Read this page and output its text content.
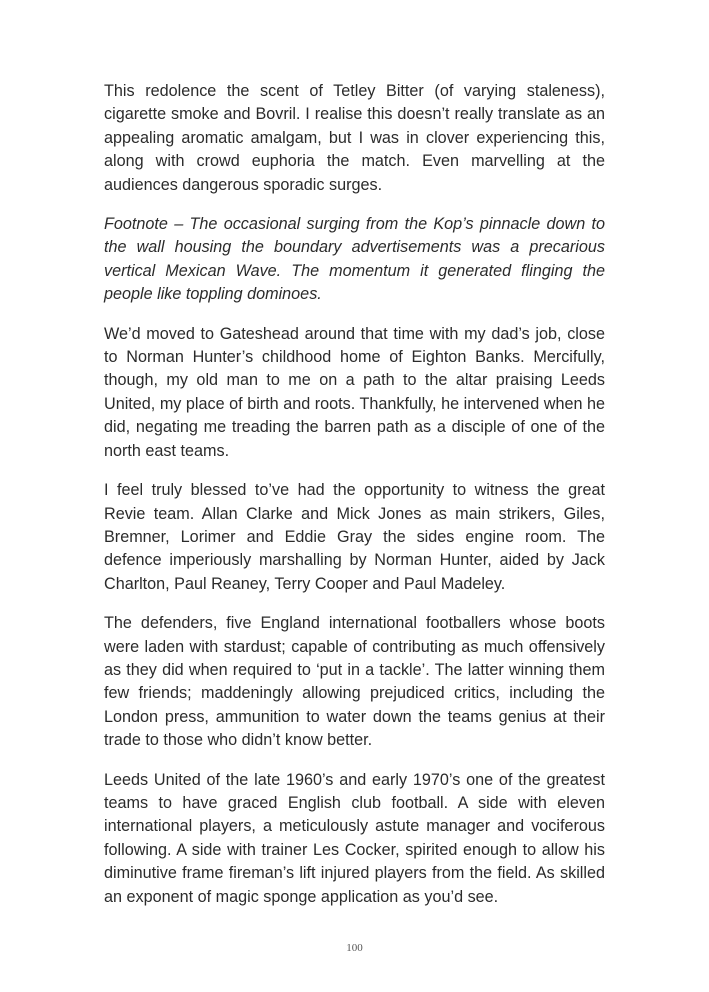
This redolence the scent of Tetley Bitter (of varying staleness), cigarette smoke and Bovril. I realise this doesn’t really translate as an appealing aromatic amalgam, but I was in clover experiencing this, along with crowd euphoria the match. Even marvelling at the audiences dangerous sporadic surges.

Footnote – The occasional surging from the Kop’s pinnacle down to the wall housing the boundary advertisements was a precarious vertical Mexican Wave. The momentum it generated flinging the people like toppling dominoes.

We’d moved to Gateshead around that time with my dad’s job, close to Norman Hunter’s childhood home of Eighton Banks. Mercifully, though, my old man to me on a path to the altar praising Leeds United, my place of birth and roots. Thankfully, he intervened when he did, negating me treading the barren path as a disciple of one of the north east teams.

I feel truly blessed to’ve had the opportunity to witness the great Revie team. Allan Clarke and Mick Jones as main strikers, Giles, Bremner, Lorimer and Eddie Gray the sides engine room. The defence imperiously marshalling by Norman Hunter, aided by Jack Charlton, Paul Reaney, Terry Cooper and Paul Madeley.

The defenders, five England international footballers whose boots were laden with stardust; capable of contributing as much offensively as they did when required to ‘put in a tackle’. The latter winning them few friends; maddeningly allowing prejudiced critics, including the London press, ammunition to water down the teams genius at their trade to those who didn’t know better.

Leeds United of the late 1960’s and early 1970’s one of the greatest teams to have graced English club football. A side with eleven international players, a meticulously astute manager and vociferous following. A side with trainer Les Cocker, spirited enough to allow his diminutive frame fireman’s lift injured players from the field. As skilled an exponent of magic sponge application as you’d see.

100
